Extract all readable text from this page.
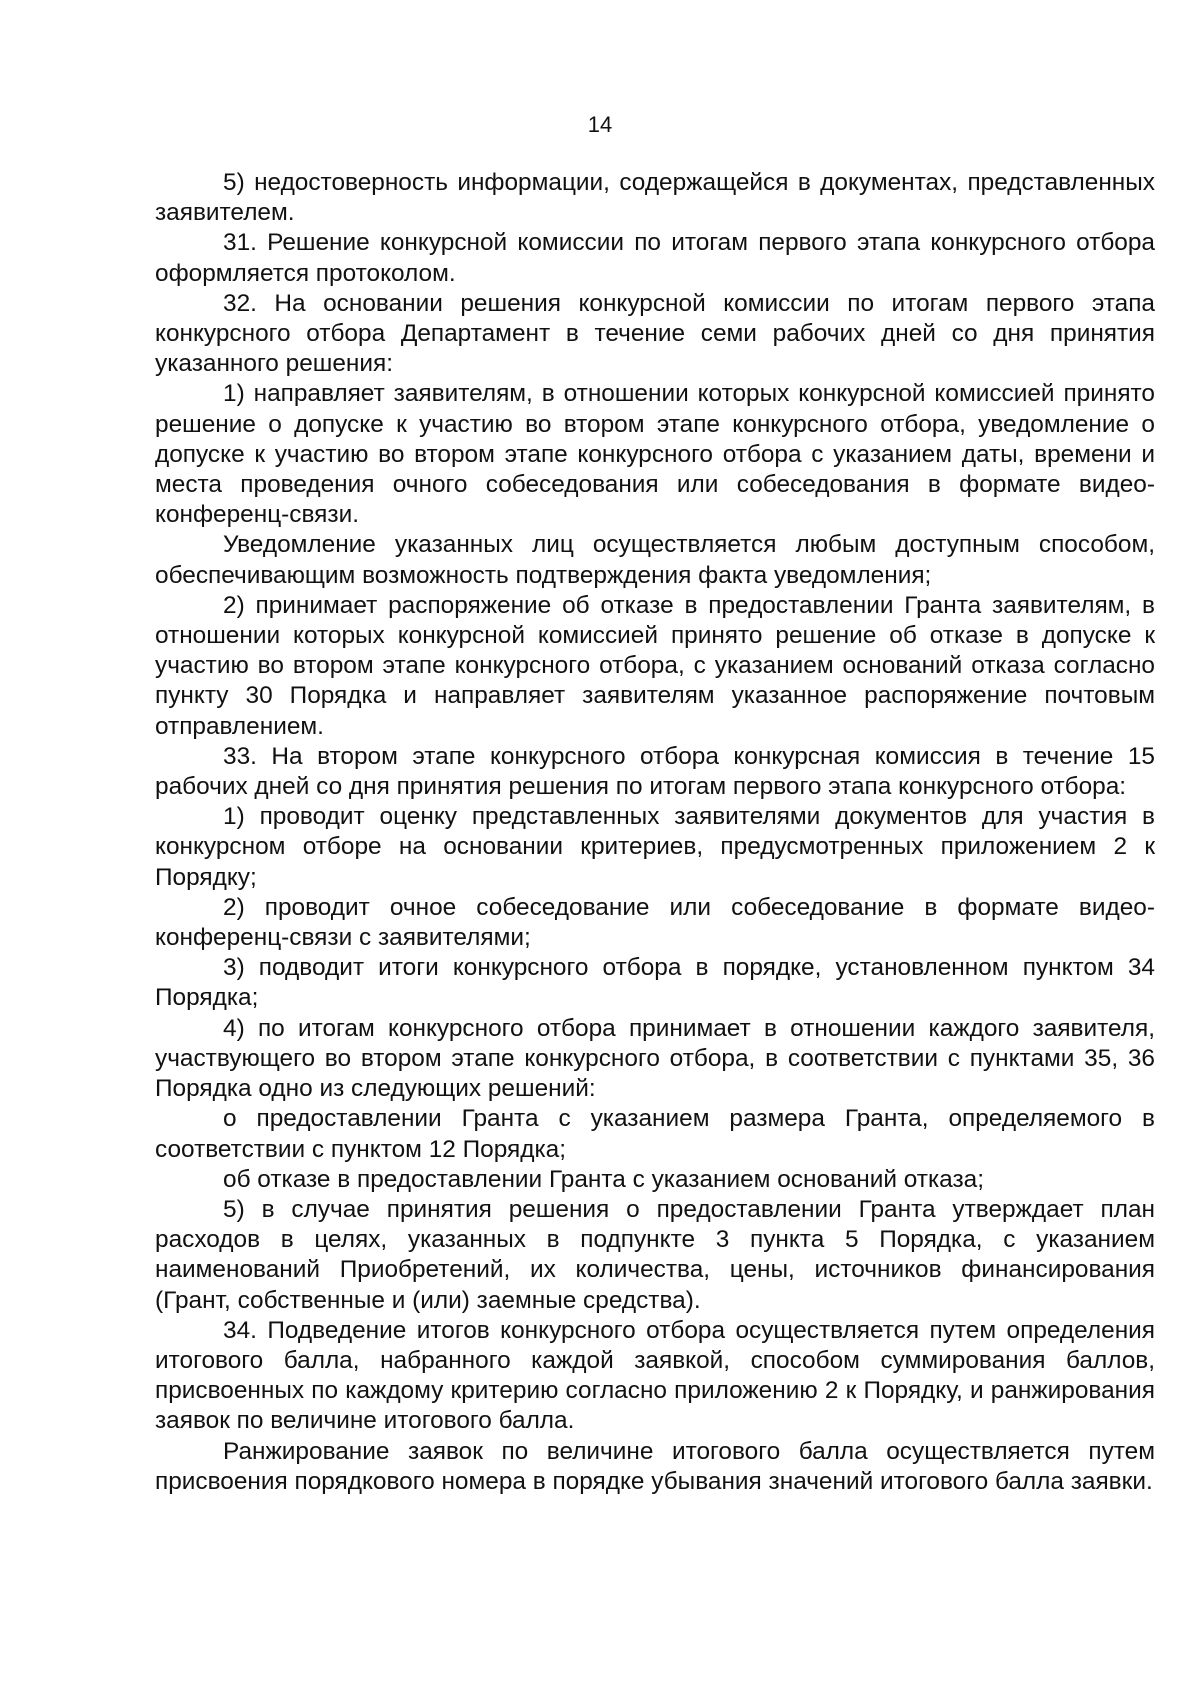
14

5) недостоверность информации, содержащейся в документах, представленных заявителем.

31. Решение конкурсной комиссии по итогам первого этапа конкурсного отбора оформляется протоколом.

32. На основании решения конкурсной комиссии по итогам первого этапа конкурсного отбора Департамент в течение семи рабочих дней со дня принятия указанного решения:

1) направляет заявителям, в отношении которых конкурсной комиссией принято решение о допуске к участию во втором этапе конкурсного отбора, уведомление о допуске к участию во втором этапе конкурсного отбора с указанием даты, времени и места проведения очного собеседования или собеседования в формате видео-конференц-связи.

Уведомление указанных лиц осуществляется любым доступным способом, обеспечивающим возможность подтверждения факта уведомления;

2) принимает распоряжение об отказе в предоставлении Гранта заявителям, в отношении которых конкурсной комиссией принято решение об отказе в допуске к участию во втором этапе конкурсного отбора, с указанием оснований отказа согласно пункту 30 Порядка и направляет заявителям указанное распоряжение почтовым отправлением.

33. На втором этапе конкурсного отбора конкурсная комиссия в течение 15 рабочих дней со дня принятия решения по итогам первого этапа конкурсного отбора:

1) проводит оценку представленных заявителями документов для участия в конкурсном отборе на основании критериев, предусмотренных приложением 2 к Порядку;

2) проводит очное собеседование или собеседование в формате видео-конференц-связи с заявителями;

3) подводит итоги конкурсного отбора в порядке, установленном пунктом 34 Порядка;

4) по итогам конкурсного отбора принимает в отношении каждого заявителя, участвующего во втором этапе конкурсного отбора, в соответствии с пунктами 35, 36 Порядка одно из следующих решений:

о предоставлении Гранта с указанием размера Гранта, определяемого в соответствии с пунктом 12 Порядка;

об отказе в предоставлении Гранта с указанием оснований отказа;

5) в случае принятия решения о предоставлении Гранта утверждает план расходов в целях, указанных в подпункте 3 пункта 5 Порядка, с указанием наименований Приобретений, их количества, цены, источников финансирования (Грант, собственные и (или) заемные средства).

34. Подведение итогов конкурсного отбора осуществляется путем определения итогового балла, набранного каждой заявкой, способом суммирования баллов, присвоенных по каждому критерию согласно приложению 2 к Порядку, и ранжирования заявок по величине итогового балла.

Ранжирование заявок по величине итогового балла осуществляется путем присвоения порядкового номера в порядке убывания значений итогового балла заявки.
